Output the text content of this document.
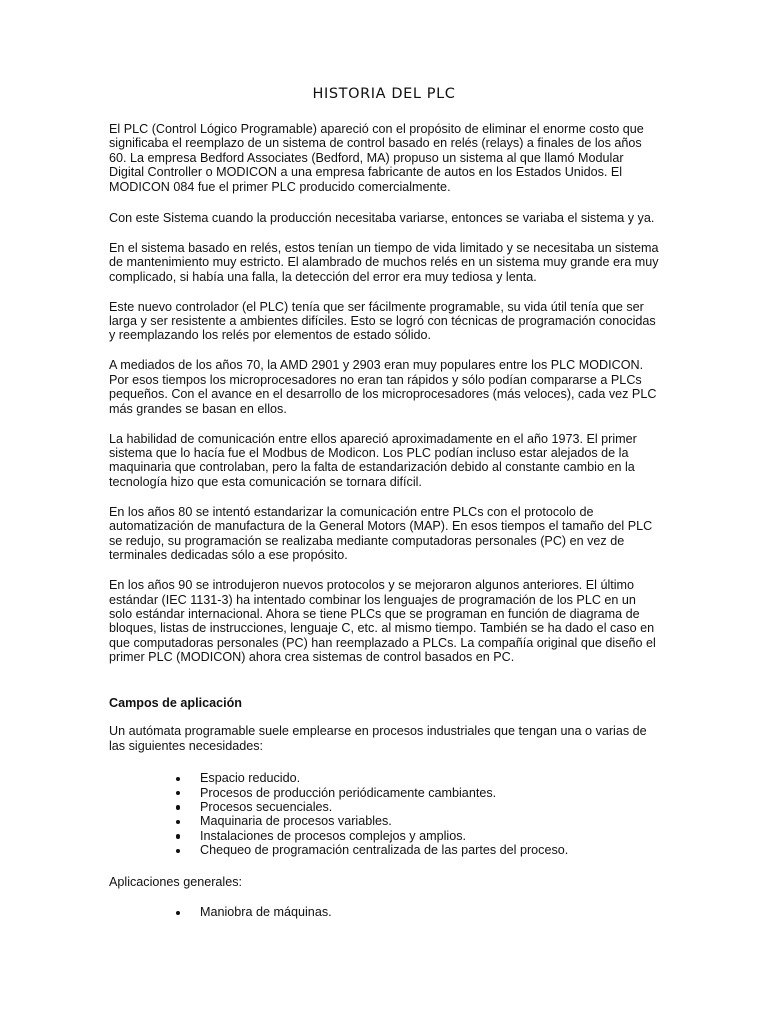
HISTORIA DEL PLC

El PLC (Control Lógico Programable) apareció con el propósito de eliminar el enorme costo que significaba el reemplazo de un sistema de control basado en relés (relays) a finales de los años 60. La empresa Bedford Associates (Bedford, MA) propuso un sistema al que llamó Modular Digital Controller o MODICON a una empresa fabricante de autos en los Estados Unidos. El MODICON 084 fue el primer PLC producido comercialmente.

Con este Sistema cuando la producción necesitaba variarse, entonces se variaba el sistema y ya.

En el sistema basado en relés, estos tenían un tiempo de vida limitado y se necesitaba un sistema de mantenimiento muy estricto. El alambrado de muchos relés en un sistema muy grande era muy complicado, si había una falla, la detección del error era muy tediosa y lenta.

Este nuevo controlador (el PLC) tenía que ser fácilmente programable, su vida útil tenía que ser larga y ser resistente a ambientes difíciles. Esto se logró con técnicas de programación conocidas y reemplazando los relés por elementos de estado sólido.

A mediados de los años 70, la AMD 2901 y 2903 eran muy populares entre los PLC MODICON. Por esos tiempos los microprocesadores no eran tan rápidos y sólo podían compararse a PLCs pequeños. Con el avance en el desarrollo de los microprocesadores (más veloces), cada vez PLC más grandes se basan en ellos.

La habilidad de comunicación entre ellos apareció aproximadamente en el año 1973. El primer sistema que lo hacía fue el Modbus de Modicon. Los PLC podían incluso estar alejados de la maquinaria que controlaban, pero la falta de estandarización debido al constante cambio en la tecnología hizo que esta comunicación se tornara difícil.

En los años 80 se intentó estandarizar la comunicación entre PLCs con el protocolo de automatización de manufactura de la General Motors (MAP). En esos tiempos el tamaño del PLC se redujo, su programación se realizaba mediante computadoras personales (PC) en vez de terminales dedicadas sólo a ese propósito.

En los años 90 se introdujeron nuevos protocolos y se mejoraron algunos anteriores. El último estándar (IEC 1131-3) ha intentado combinar los lenguajes de programación de los PLC en un solo estándar internacional. Ahora se tiene PLCs que se programan en función de diagrama de bloques, listas de instrucciones, lenguaje C, etc. al mismo tiempo. También se ha dado el caso en que computadoras personales (PC) han reemplazado a PLCs. La compañía original que diseño el primer PLC (MODICON) ahora crea sistemas de control basados en PC.

Campos de aplicación

Un autómata programable suele emplearse en procesos industriales que tengan una o varias de las siguientes necesidades:

Espacio reducido.
Procesos de producción periódicamente cambiantes.
Procesos secuenciales.
Maquinaria de procesos variables.
Instalaciones de procesos complejos y amplios.
Chequeo de programación centralizada de las partes del proceso.

Aplicaciones generales:

Maniobra de máquinas.
